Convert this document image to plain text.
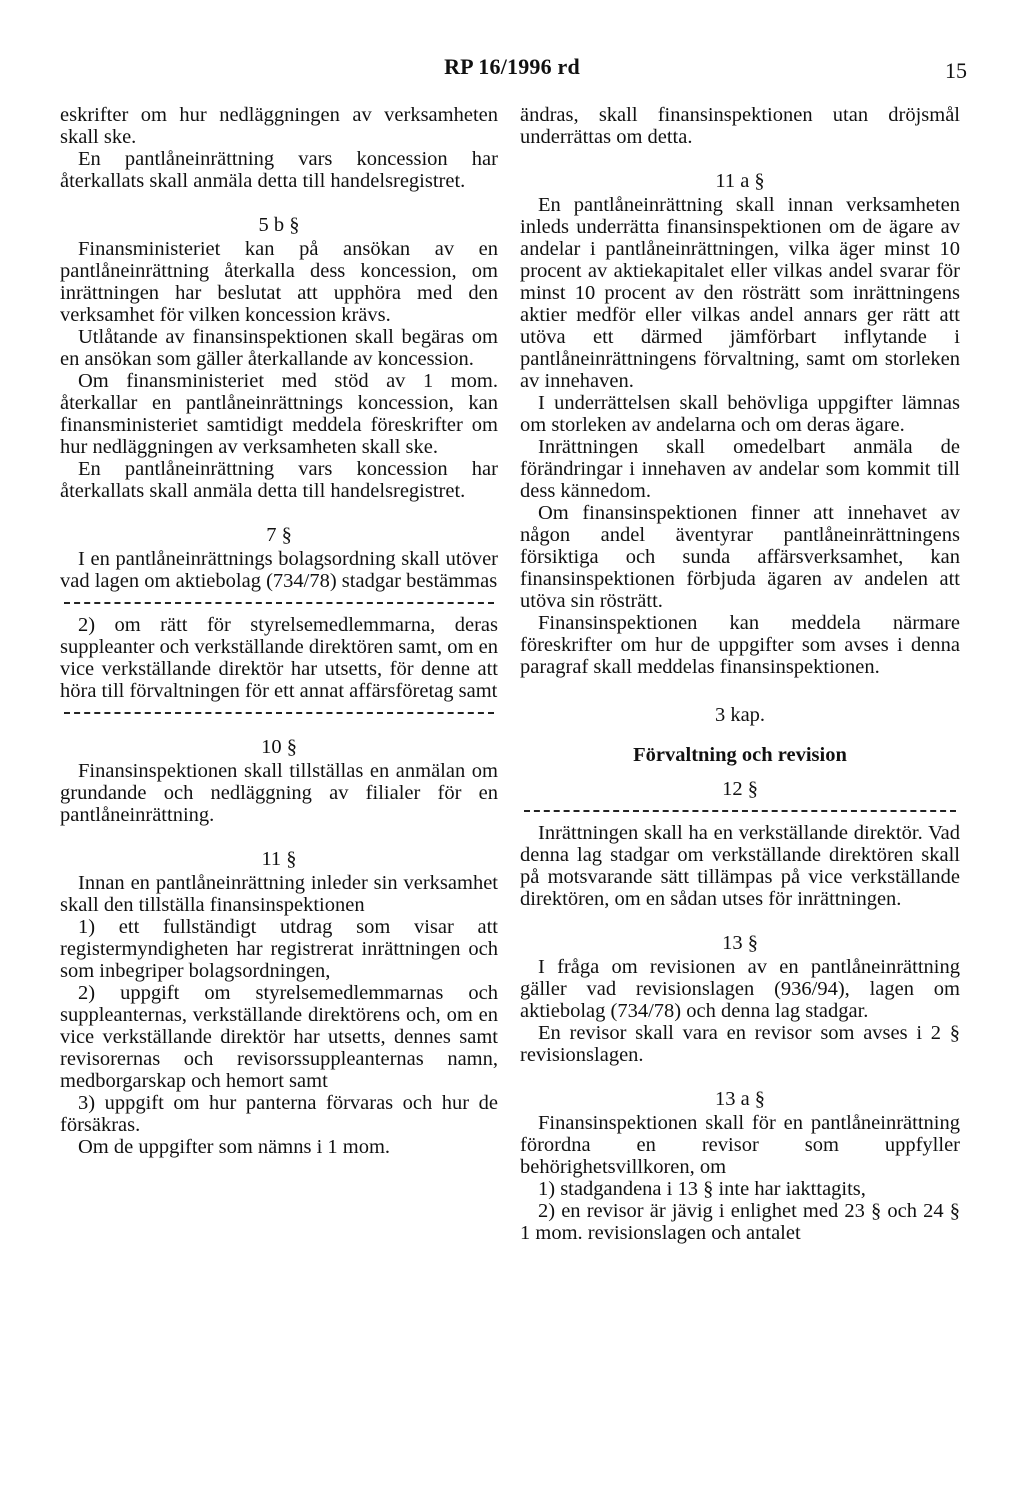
RP 16/1996 rd	15

eskrifter om hur nedläggningen av verksamheten skall ske.

En pantlåneinrättning vars koncession har återkallats skall anmäla detta till handelsregistret.

5 b §

Finansministeriet kan på ansökan av en pantlåneinrättning återkalla dess koncession, om inrättningen har beslutat att upphöra med den verksamhet för vilken koncession krävs.

Utlåtande av finansinspektionen skall begäras om en ansökan som gäller återkallande av koncession.

Om finansministeriet med stöd av 1 mom. återkallar en pantlåneinrättnings koncession, kan finansministeriet samtidigt meddela föreskrifter om hur nedläggningen av verksamheten skall ske.

En pantlåneinrättning vars koncession har återkallats skall anmäla detta till handelsregistret.

7 §

I en pantlåneinrättnings bolagsordning skall utöver vad lagen om aktiebolag (734/78) stadgar bestämmas

2) om rätt för styrelsemedlemmarna, deras suppleanter och verkställande direktören samt, om en vice verkställande direktör har utsetts, för denne att höra till förvaltningen för ett annat affärsföretag samt

10 §

Finansinspektionen skall tillställas en anmälan om grundande och nedläggning av filialer för en pantlåneinrättning.

11 §

Innan en pantlåneinrättning inleder sin verksamhet skall den tillställa finansinspektionen

1) ett fullständigt utdrag som visar att registermyndigheten har registrerat inrättningen och som inbegriper bolagsordningen,

2) uppgift om styrelsemedlemmarnas och suppleanternas, verkställande direktörens och, om en vice verkställande direktör har utsetts, dennes samt revisorernas och revisorssuppleanternas namn, medborgarskap och hemort samt

3) uppgift om hur panterna förvaras och hur de försäkras.

Om de uppgifter som nämns i 1 mom.

ändras, skall finansinspektionen utan dröjsmål underrättas om detta.

11 a §

En pantlåneinrättning skall innan verksamheten inleds underrätta finansinspektionen om de ägare av andelar i pantlåneinrättningen, vilka äger minst 10 procent av aktiekapitalet eller vilkas andel svarar för minst 10 procent av den rösträtt som inrättningens aktier medför eller vilkas andel annars ger rätt att utöva ett därmed jämförbart inflytande i pantlåneinrättningens förvaltning, samt om storleken av innehaven.

I underrättelsen skall behövliga uppgifter lämnas om storleken av andelarna och om deras ägare.

Inrättningen skall omedelbart anmäla de förändringar i innehaven av andelar som kommit till dess kännedom.

Om finansinspektionen finner att innehavet av någon andel äventyrar pantlåneinrättningens försiktiga och sunda affärsverksamhet, kan finansinspektionen förbjuda ägaren av andelen att utöva sin rösträtt.

Finansinspektionen kan meddela närmare föreskrifter om hur de uppgifter som avses i denna paragraf skall meddelas finansinspektionen.

3 kap.

Förvaltning och revision

12 §

Inrättningen skall ha en verkställande direktör. Vad denna lag stadgar om verkställande direktören skall på motsvarande sätt tillämpas på vice verkställande direktören, om en sådan utses för inrättningen.

13 §

I fråga om revisionen av en pantlåneinrättning gäller vad revisionslagen (936/94), lagen om aktiebolag (734/78) och denna lag stadgar.

En revisor skall vara en revisor som avses i 2 § revisionslagen.

13 a §

Finansinspektionen skall för en pantlåneinrättning förordna en revisor som uppfyller behörighetsvillkoren, om

1) stadgandena i 13 § inte har iakttagits,

2) en revisor är jävig i enlighet med 23 § och 24 § 1 mom. revisionslagen och antalet
